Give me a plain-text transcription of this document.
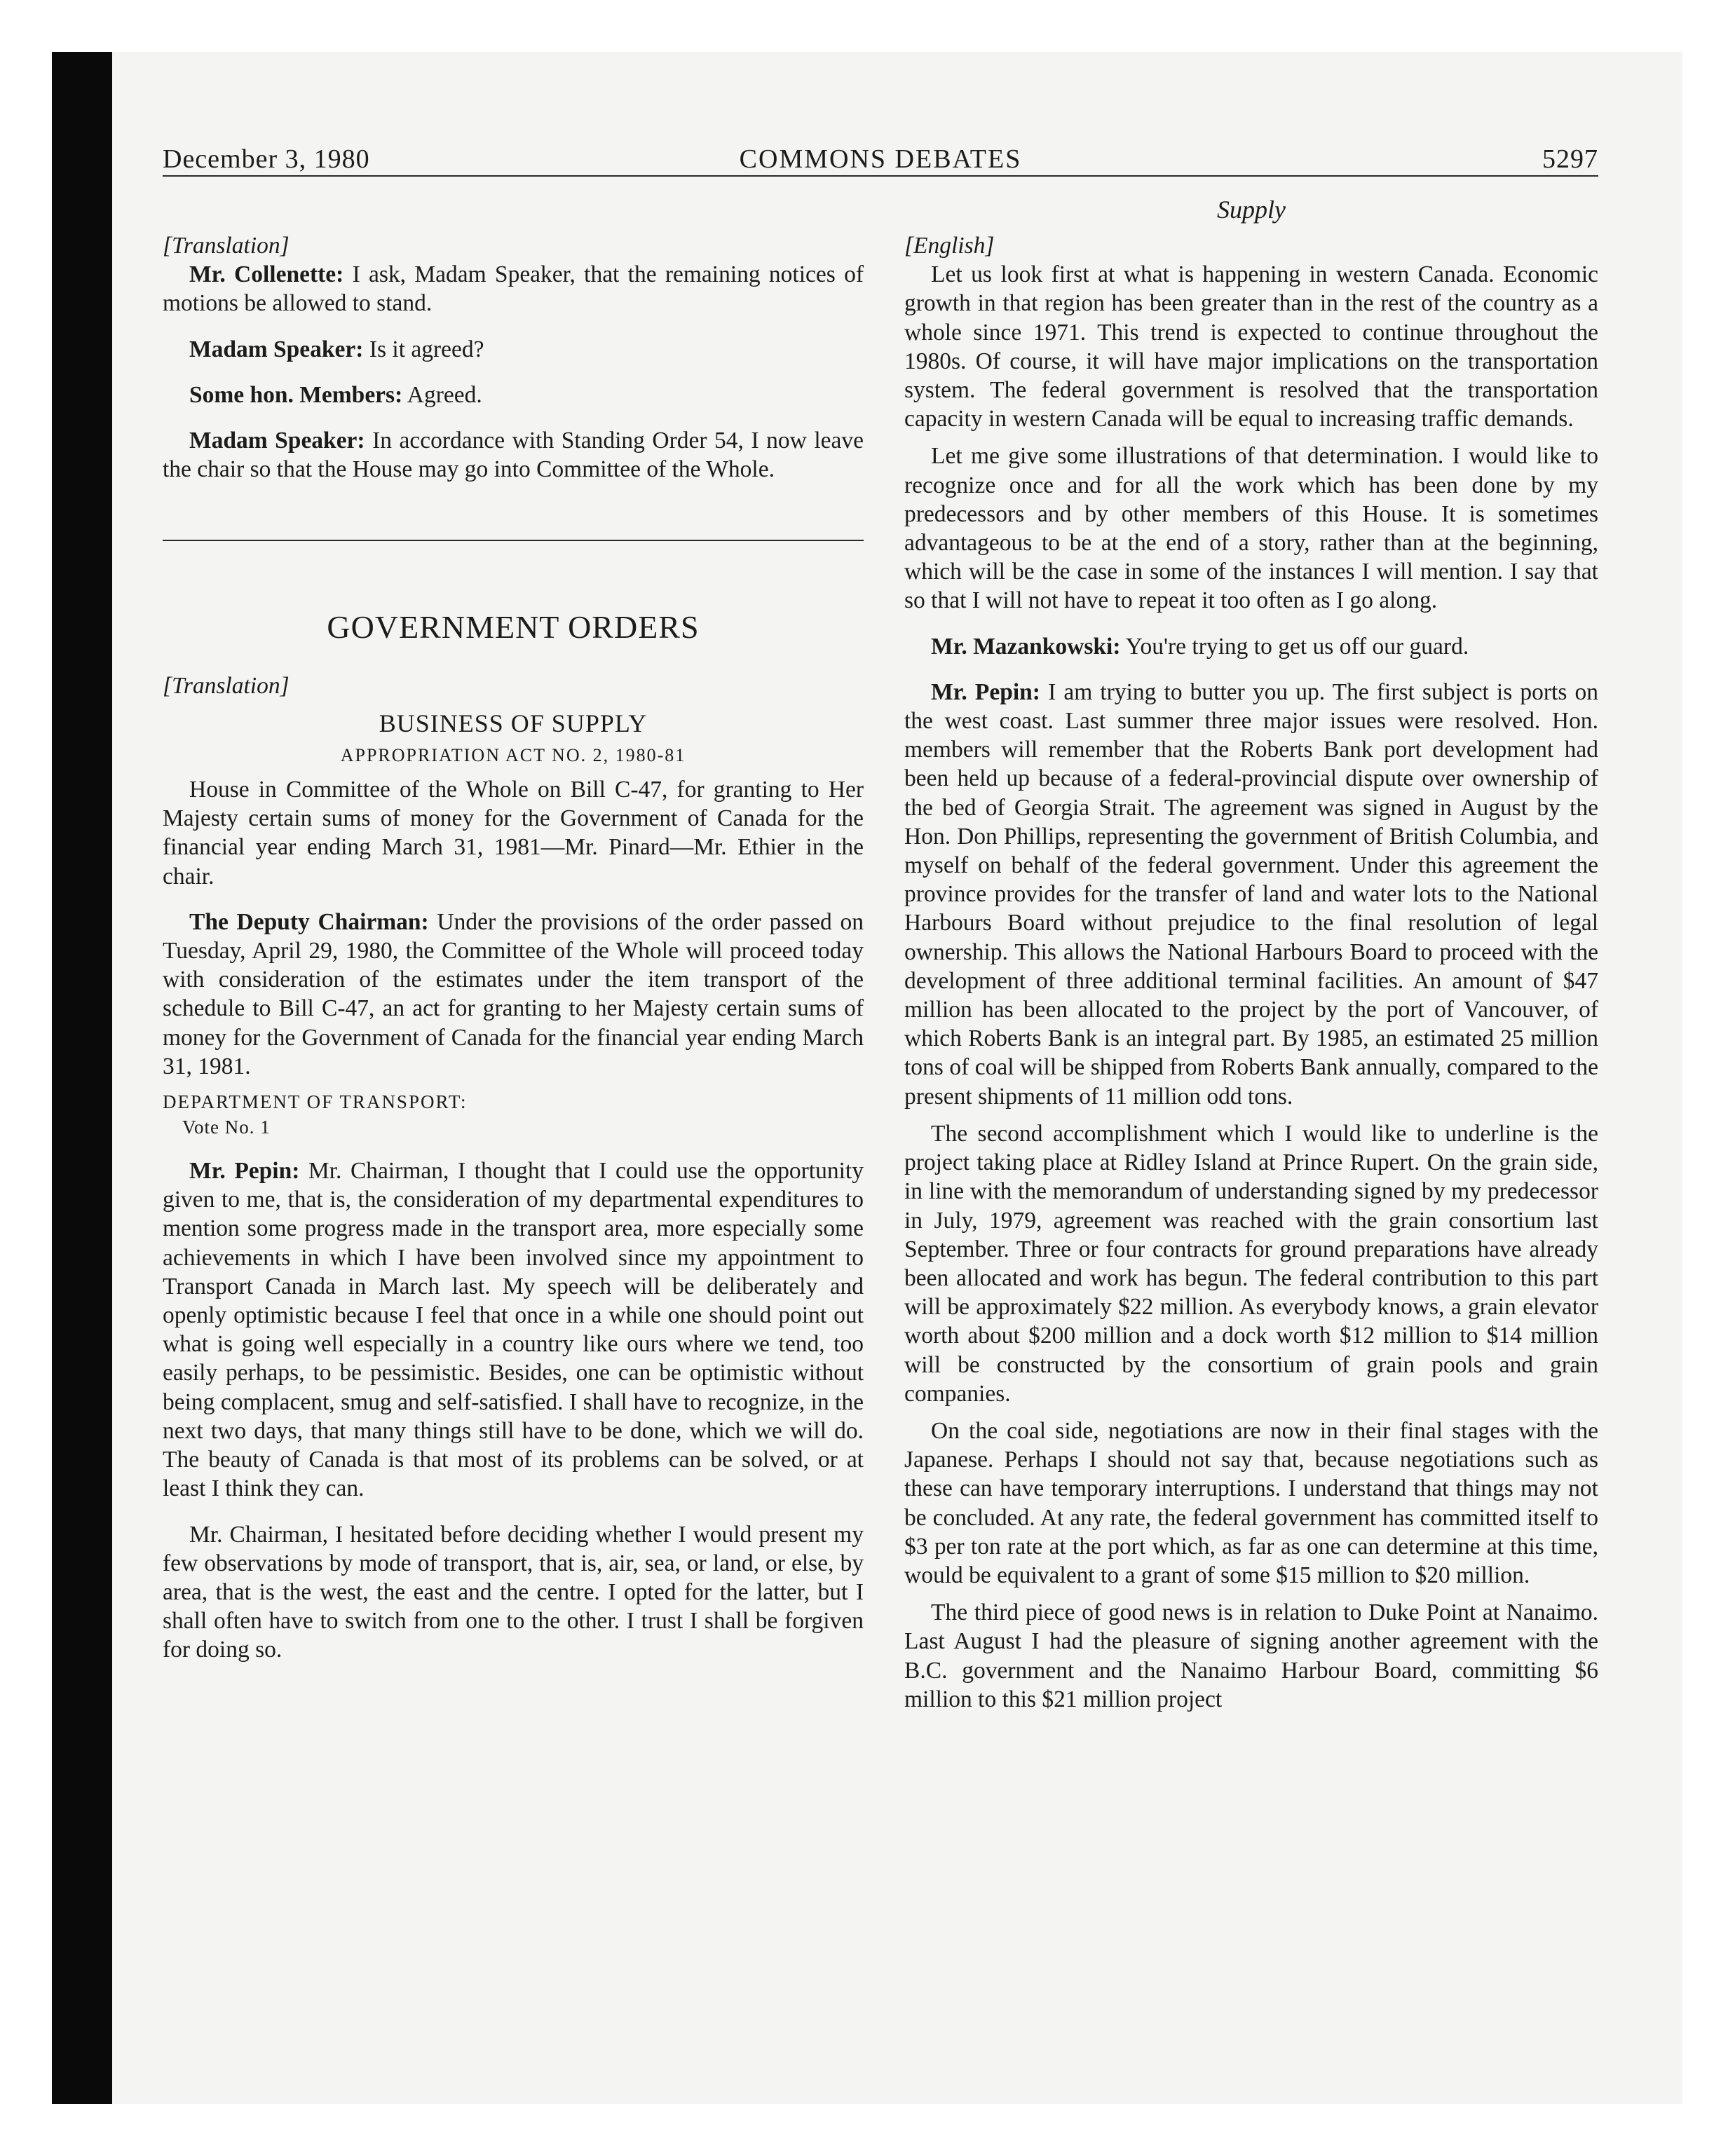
December 3, 1980	COMMONS DEBATES	5297
Supply

[Translation]

Mr. Collenette: I ask, Madam Speaker, that the remaining notices of motions be allowed to stand.

Madam Speaker: Is it agreed?

Some hon. Members: Agreed.

Madam Speaker: In accordance with Standing Order 54, I now leave the chair so that the House may go into Committee of the Whole.

GOVERNMENT ORDERS

[Translation]

BUSINESS OF SUPPLY
APPROPRIATION ACT NO. 2, 1980-81

House in Committee of the Whole on Bill C-47, for granting to Her Majesty certain sums of money for the Government of Canada for the financial year ending March 31, 1981—Mr. Pinard—Mr. Ethier in the chair.

The Deputy Chairman: Under the provisions of the order passed on Tuesday, April 29, 1980, the Committee of the Whole will proceed today with consideration of the estimates under the item transport of the schedule to Bill C-47, an act for granting to her Majesty certain sums of money for the Government of Canada for the financial year ending March 31, 1981.

DEPARTMENT OF TRANSPORT:
Vote No. 1

Mr. Pepin: Mr. Chairman, I thought that I could use the opportunity given to me, that is, the consideration of my departmental expenditures to mention some progress made in the transport area, more especially some achievements in which I have been involved since my appointment to Transport Canada in March last. My speech will be deliberately and openly optimistic because I feel that once in a while one should point out what is going well especially in a country like ours where we tend, too easily perhaps, to be pessimistic. Besides, one can be optimistic without being complacent, smug and self-satisfied. I shall have to recognize, in the next two days, that many things still have to be done, which we will do. The beauty of Canada is that most of its problems can be solved, or at least I think they can.

Mr. Chairman, I hesitated before deciding whether I would present my few observations by mode of transport, that is, air, sea, or land, or else, by area, that is the west, the east and the centre. I opted for the latter, but I shall often have to switch from one to the other. I trust I shall be forgiven for doing so.

[English]

Let us look first at what is happening in western Canada. Economic growth in that region has been greater than in the rest of the country as a whole since 1971. This trend is expected to continue throughout the 1980s. Of course, it will have major implications on the transportation system. The federal government is resolved that the transportation capacity in western Canada will be equal to increasing traffic demands.

Let me give some illustrations of that determination. I would like to recognize once and for all the work which has been done by my predecessors and by other members of this House. It is sometimes advantageous to be at the end of a story, rather than at the beginning, which will be the case in some of the instances I will mention. I say that so that I will not have to repeat it too often as I go along.

Mr. Mazankowski: You're trying to get us off our guard.

Mr. Pepin: I am trying to butter you up. The first subject is ports on the west coast. Last summer three major issues were resolved. Hon. members will remember that the Roberts Bank port development had been held up because of a federal-provincial dispute over ownership of the bed of Georgia Strait. The agreement was signed in August by the Hon. Don Phillips, representing the government of British Columbia, and myself on behalf of the federal government. Under this agreement the province provides for the transfer of land and water lots to the National Harbours Board without prejudice to the final resolution of legal ownership. This allows the National Harbours Board to proceed with the development of three additional terminal facilities. An amount of $47 million has been allocated to the project by the port of Vancouver, of which Roberts Bank is an integral part. By 1985, an estimated 25 million tons of coal will be shipped from Roberts Bank annually, compared to the present shipments of 11 million odd tons.

The second accomplishment which I would like to underline is the project taking place at Ridley Island at Prince Rupert. On the grain side, in line with the memorandum of understanding signed by my predecessor in July, 1979, agreement was reached with the grain consortium last September. Three or four contracts for ground preparations have already been allocated and work has begun. The federal contribution to this part will be approximately $22 million. As everybody knows, a grain elevator worth about $200 million and a dock worth $12 million to $14 million will be constructed by the consortium of grain pools and grain companies.

On the coal side, negotiations are now in their final stages with the Japanese. Perhaps I should not say that, because negotiations such as these can have temporary interruptions. I understand that things may not be concluded. At any rate, the federal government has committed itself to $3 per ton rate at the port which, as far as one can determine at this time, would be equivalent to a grant of some $15 million to $20 million.

The third piece of good news is in relation to Duke Point at Nanaimo. Last August I had the pleasure of signing another agreement with the B.C. government and the Nanaimo Harbour Board, committing $6 million to this $21 million project
